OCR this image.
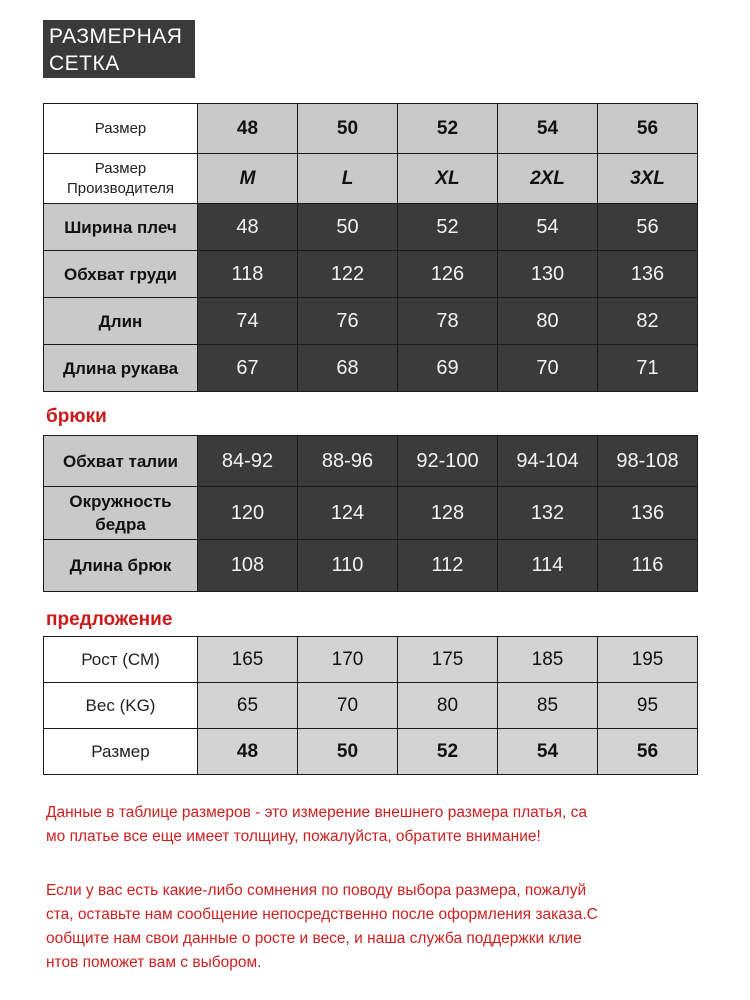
РАЗМЕРНАЯ
СЕТКА
Размер	48	50	52	54	56

Размер
Производителя	M	L	XL	2XL	3XL
Ширина плеч	48	50	52	54	56
Обхват груди	118	122	126	130	136
Длин	74	76	78	80	82
Длина рукава	67	68	69	70	71
брюки
Обхват талии	84-92	88-96	92-100	94-104	98-108

Окружность
бедра	120	124	128	132	136
Длина брюк	108	110	112	114	116
предложение
Рост (СМ)	165	170	175	185	195
Вес (KG)	65	70	80	85	95
Размер	48	50	52	54	56
Данные в таблице размеров - это измерение внешнего размера платья, са
мо платье все еще имеет толщину, пожалуйста, обратите внимание!
Если у вас есть какие-либо сомнения по поводу выбора размера, пожалуй
ста, оставьте нам сообщение непосредственно после оформления заказа.С
ообщите нам свои данные о росте и весе, и наша служба поддержки клие
нтов поможет вам с выбором.
